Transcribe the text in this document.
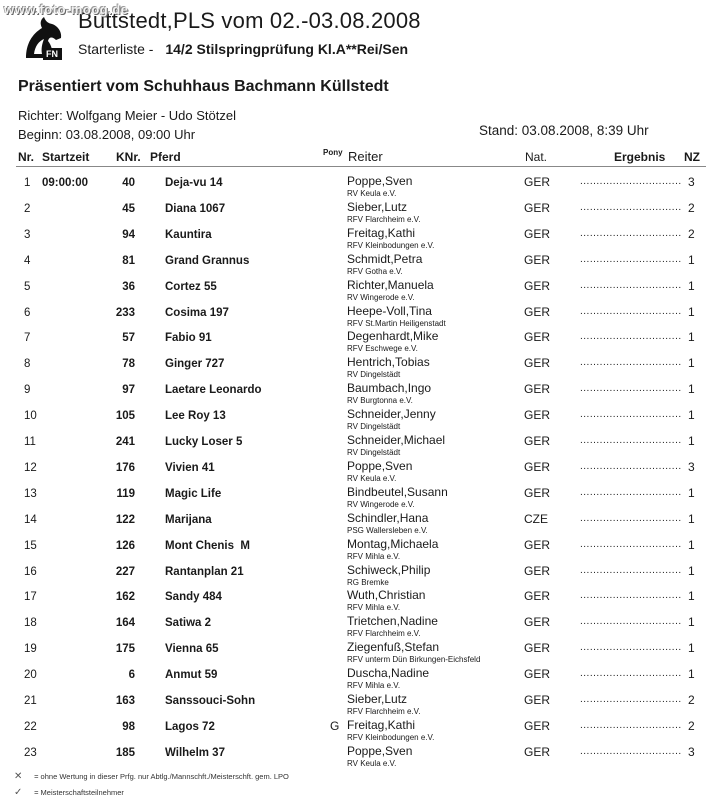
www.foto-moog.de
FN
Buttstedt,PLS vom 02.-03.08.2008
Starterliste - 14/2 Stilspringprüfung Kl.A**Rei/Sen
Präsentiert vom Schuhhaus Bachmann Küllstedt
Richter: Wolfgang Meier - Udo Stötzel
Beginn: 03.08.2008, 09:00 Uhr	Stand: 03.08.2008, 8:39 Uhr
Nr. Startzeit KNr. Pferd	Pony Reiter	Nat.	Ergebnis NZ
1 09:00:00	40	Deja-vu 14	Poppe,Sven
RV Keula e.V.
GER	............................... 3
2	45	Diana 1067	Sieber,Lutz
RFV Flarchheim e.V.
GER	............................... 2
3	94	Kauntira	Freitag,Kathi
RFV Kleinbodungen e.V.
GER	............................... 2
4	81	Grand Grannus	Schmidt,Petra
RFV Gotha e.V.
GER	............................... 1
5	36	Cortez 55	Richter,Manuela
RV Wingerode e.V.
GER	............................... 1
6	233	Cosima 197	Heepe-Voll,Tina
RFV St.Martin Heiligenstadt
GER	............................... 1
7	57	Fabio 91	Degenhardt,Mike
RFV Eschwege e.V.
GER	............................... 1
8	78	Ginger 727	Hentrich,Tobias
RV Dingelstädt
GER	............................... 1
9	97	Laetare Leonardo	Baumbach,Ingo
RV Burgtonna e.V.
GER	............................... 1
10	105	Lee Roy 13	Schneider,Jenny
RV Dingelstädt
GER	............................... 1
11	241	Lucky Loser 5	Schneider,Michael
RV Dingelstädt
GER	............................... 1
12	176	Vivien 41	Poppe,Sven
RV Keula e.V.
GER	............................... 3
13	119	Magic Life	Bindbeutel,Susann
RV Wingerode e.V.
GER	............................... 1
14	122	Marijana	Schindler,Hana
PSG Wallersleben e.V.
CZE	............................... 1
15	126	Mont Chenis  M	Montag,Michaela
RFV Mihla e.V.
GER	............................... 1
16	227	Rantanplan 21	Schiweck,Philip
RG Bremke
GER	............................... 1
17	162	Sandy 484	Wuth,Christian
RFV Mihla e.V.
GER	............................... 1
18	164	Satiwa 2	Trietchen,Nadine
RFV Flarchheim e.V.
GER	............................... 1
19	175	Vienna 65	Ziegenfuß,Stefan
RFV unterm Dün Birkungen-Eichsfeld
GER	............................... 1
20	6	Anmut 59	Duscha,Nadine
RFV Mihla e.V.
GER	............................... 1
21	163	Sanssouci-Sohn	Sieber,Lutz
RFV Flarchheim e.V.
GER	............................... 2
22	98	Lagos 72	G Freitag,Kathi
RFV Kleinbodungen e.V.
GER	............................... 2
23	185	Wilhelm 37	Poppe,Sven
RV Keula e.V.
GER	............................... 3
✕ = ohne Wertung in dieser Prfg. nur Abtlg./Mannschft./Meisterschft. gem. LPO
✓ = Meisterschaftsteilnehmer
